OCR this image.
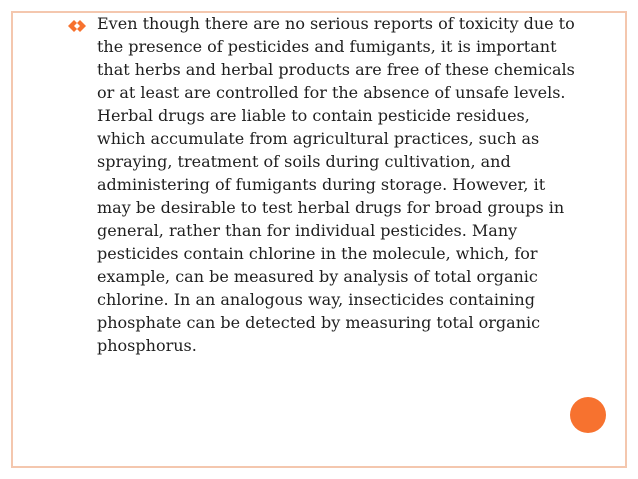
Even though there are no serious reports of toxicity due to
the presence of pesticides and fumigants, it is important
that herbs and herbal products are free of these chemicals
or at least are controlled for the absence of unsafe levels.
Herbal drugs are liable to contain pesticide residues,
which accumulate from agricultural practices, such as
spraying, treatment of soils during cultivation, and
administering of fumigants during storage. However, it
may be desirable to test herbal drugs for broad groups in
general, rather than for individual pesticides. Many
pesticides contain chlorine in the molecule, which, for
example, can be measured by analysis of total organic
chlorine. In an analogous way, insecticides containing
phosphate can be detected by measuring total organic
phosphorus.
